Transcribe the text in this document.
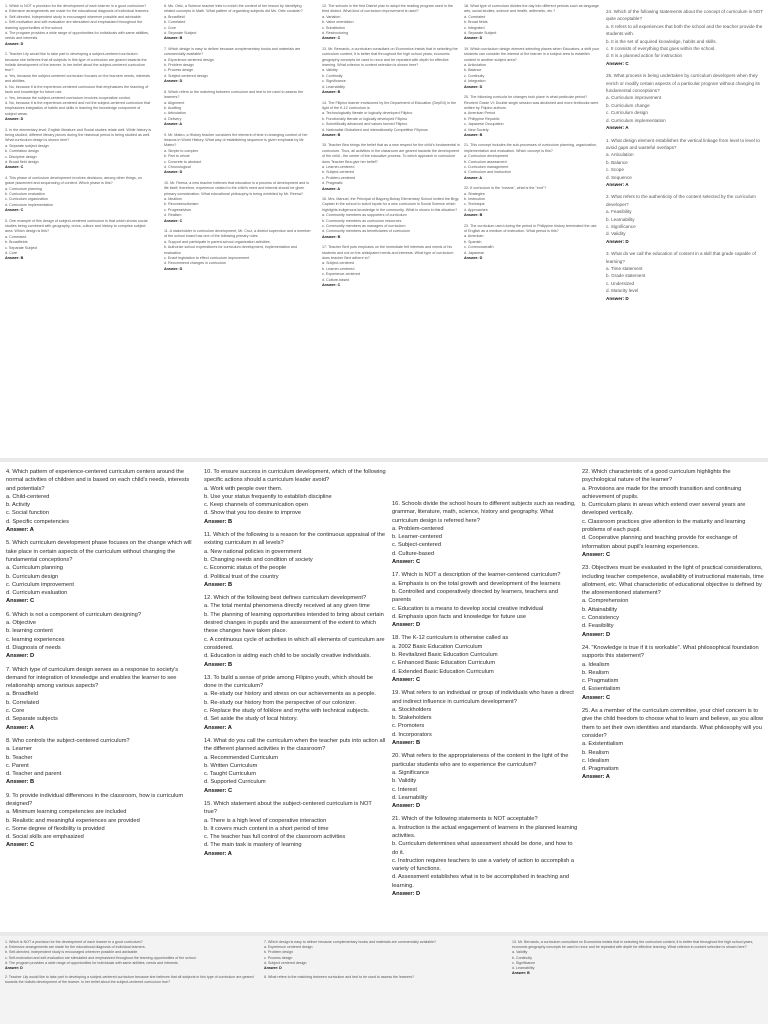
1. Which is NOT a provision for the development of each learner in a good curriculum?
a. Extensive arrangements are made for the educational diagnosis of individual learners.
b. Self-directed, independent study is encouraged wherever possible and advisable.
c. Self-motivation and self-evaluation are stimulated and emphasized throughout the learning opportunities of the school.
d. The program provides a wide range of opportunities for individuals with same abilities, needs and interests.
Answer: D
2. Teacher Lily would like to take part in developing a subject-centered curriculum because she believes that all subjects in this type of curriculum are geared towards the holistic development of the learner. Is her belief about the subject-centered curriculum true?
a. Yes, because the subject-centered curriculum focuses on the learners needs, interests and abilities.
b. No, because it is the experience-centered curriculum that emphasizes the teaching of facts and knowledge for future use.
c. Yes, because the subject-centered curriculum involves cooperative control.
d. No, because it is the experience-centered and not the subject-centered curriculum that emphasizes integration of habits and skills in learning the knowledge component of subject areas.
Answer: D
3. In the elementary level, English literature and Social studies relate well. While history is being studied, different literary pieces during the historical period is being studied as well. What curriculum design is shown here?
a. Separate subject design
b. Correlation design
c. Discipline design
d. Broad field design
Answer: C
4. This phase of curriculum development involves decisions, among other things, on grade placement and sequencing of content. Which phase is this?
a. Curriculum planning
b. Curriculum evaluation
c. Curriculum organization
d. Curriculum implementation
Answer: C
5. One example of this design of subject-centered curriculum is that which shows social studies being combined with geography, civics, culture and history to comprise subject area. Which design is this?
a. Correlated
b. Broadfields
c. Separate Subject
d. Core
Answer: B
6. Ms. Ortiz, a Science teacher tries to enrich the content of her lesson by identifying related concepts in Math. What pattern of organizing subjects did Ms. Ortiz consider?
a. Broadfield
b. Correlated
c. Core
d. Separate Subject
Answer: B
7. Which design is easy to deliver because complementary books and materials are commercially available?
a. Experience centered design
b. Problem design
c. Process design
d. Subject centered design
Answer: D
8. Which refers to the matching between curriculum and test to be used to assess the learners?
a. Alignment
b. Auditing
c. Articulation
d. Delivery
Answer: A
9. Mr. Mateo, a History teacher considers the element of time in arranging content of her lessons in World History. What way of establishing sequence is given emphasis by Mr. Mateo?
a. Simple to complex
b. Part to whole
c. Concrete to abstract
d. Chronological
Answer: D
10. Mr. Reena, a new teacher believes that education is a process of development and is life itself; therefore, experience related to the child's need and interest should be given primary consideration. What educational philosophy is being exhibited by Mr. Reena?
a. Idealism
b. Reconstructionism
c. Progressivism
d. Realism
Answer: C
11. A stakeholder in curriculum development, Mr. Cruz, a district supervisor and a member of the school board has one of the following primary roles.
a. Support and participate in parent-school organization activities
b. Authorize school expenditures for curriculum development, implementation and evaluation
c. Enact legislation to effect curriculum improvement
d. Recommend changes in curriculum
Answer: D
12. The schools in the first District plan to adopt the reading program used in the third district. What kind of curriculum improvement is used?
a. Variation
b. Value orientation
c. Substitution
d. Restructuring
Answer: C
13. Mr. Bernardo, a curriculum consultant on Economics insists that in selecting the curriculum content, it is better that throughout the high school years, economic geography concepts be used to recur and be repeated with depth for effective learning. What criterion in content selection is shown here?
a. Validity
b. Continuity
c. Significance
d. Learnability
Answer: B
14. The Filipino learner envisioned by the Department of Education (DepEd) in the light of the K-12 curriculum is
a. Technologically literate or logically developed Filipino
b. Functionally literate or logically developed Filipino
c. Scientifically advanced and values formed Filipino
d. Nationalist Globalized and internationally Competitive Filipinos
Answer: B
15. Teacher Bea brings the belief that as a new respect for the child's fundamental in curriculum. Thus, all activities in the classroom are geared towards the development of the child - the center of the educative process. To which approach in curriculum does Teacher Bea give her belief?
a. Learner-centered
b. Subject-centered
c. Problem-centered
d. Pragmatic
Answer: A
16. Mrs. Manuel, the Principal of Bagong Buhay Elementary School invited the Brgy. Captain in the school to solicit inputs for a new curriculum in Social Science which highlights indigenous knowledge in the community. What is shown in this situation?
a. Community members as supporters of curriculum
b. Community members as curriculum resources
c. Community members as managers of curriculum
d. Community members as beneficiaries of curriculum
Answer: B
17. Teacher Bert puts emphasis on the immediate felt interests and needs of his students and not on the anticipated needs and interests. What type of curriculum does teacher Bert adhere to?
a. Subject-centered
b. Learner-centered
c. Experience-centered
d. Culture-based
Answer: C
18. What type of curriculum divides the day into different periods such as language arts, social studies, science and health, arithmetic, etc.?
a. Correlated
b. Broad fields
c. Integrated
d. Separate Subject
Answer: D
19. Which curriculum design element selecting places when Educators, a shift your students can consider the interest of the learner in a subject area to establish content in another subject area?
a. Articulation
b. Balance
c. Continuity
d. Integration
Answer: D
20. The following curricula for changes took place in what particular period? Reorient Grade VI: Double single session was abolished and more textbooks were written by Filipino authors.
a. American Period
b. Philippine Republic
c. Japanese Occupation
d. New Society
Answer: B
21. This concept includes the sub-processes of curriculum planning, organization, implementation and evaluation. Which concept is this?
a. Curriculum development
b. Curriculum assessment
c. Curriculum management
d. Curriculum and instruction
Answer: A
22. If curriculum is the "means", what is the "end"?
a. Strategies
b. Instruction
c. Technique
d. Approaches
Answer: B
23. The curriculum used during the period in Philippine history terminated the use of English as a medium of instruction. What period is this?
a. American
b. Spanish
c. Commonwealth
d. Japanese
Answer: D
24. Which of the following statements about the concept of curriculum is NOT quite acceptable?
a. It refers to all experiences that both the school and the teacher provide the students with.
b. It is the set of acquired knowledge, habits and skills.
c. It consists of everything that goes within the school.
d. It is a planned action for instruction
Answer: C
25. What process is being undertaken by curriculum developers when they enrich or modify certain aspects of a particular program without changing its fundamental conceptions?
a. Curriculum improvement
b. Curriculum change
c. Curriculum design
d. Curriculum implementation
Answer: A
1. What design element establishes the vertical linkage from level to level to avoid gaps and wasteful overlaps?
a. Articulation
b. Balance
c. Scope
d. Sequence
Answer: A
2. What refers to the authenticity of the content selected by the curriculum developer?
a. Feasibility
b. Learnability
c. Significance
d. Validity
Answer: D
3. What do we call the education of content in a skill that grade capable of learning?
a. Time statement
b. Grade statement
c. Undersized
d. Maturity level
Answer: D
4. Which pattern of experience-centered curriculum centers around the normal activities of children and is based on each child's needs, interests and potentials?
a. Child-centered
b. Activity
c. Social function
d. Specific competencies
Answer: A
5. Which curriculum development phase focuses on the change which will take place in certain aspects of the curriculum without changing the fundamental conceptions?
a. Curriculum planning
b. Curriculum design
c. Curriculum improvement
d. Curriculum evaluation
Answer: C
6. Which is not a component of curriculum designing?
a. Objective
b. learning content
c. learning experiences
d. Diagnosis of needs
Answer: D
7. Which type of curriculum design serves as a response to society's demand for integration of knowledge and enables the learner to see relationship among various aspects?
a. Broadfield
b. Correlated
c. Core
d. Separate subjects
Answer: A
8. Who controls the subject-centered curriculum?
a. Learner
b. Teacher
c. Parent
d. Teacher and parent
Answer: B
9. To provide individual differences in the classroom, how is curriculum designed?
a. Minimum learning competencies are included
b. Realistic and meaningful experiences are provided
c. Some degree of flexibility is provided
d. Social skills are emphasized
Answer: C
10. To ensure success in curriculum development, which of the following specific actions should a curriculum leader avoid?
a. Work with people over them.
b. Use your status frequently to establish discipline
c. Keep channels of communication open
d. Show that you too desire to improve
Answer: B
11. Which of the following is a reason for the continuous appraisal of the existing curriculum in all levels?
a. New national policies in government
b. Changing needs and condition of society
c. Economic status of the people
d. Political trust of the country
Answer: B
12. Which of the following best defines curriculum development?
a. The total mental phenomena directly received at any given time
b. The planning of learning opportunities intended to bring about certain desired changes in pupils and the assessment of the extent to which these changes have taken place.
c. A continuous cycle of activities in which all elements of curriculum are considered.
d. Education is aiding each child to be socially creative individuals.
Answer: B
13. To build a sense of pride among Filipino youth, which should be done in the curriculum?
a. Re-study our history and stress on our achievements as a people.
b. Re-study our history from the perspective of our colonizer.
c. Replace the study of folklore and myths with technical subjects.
d. Set aside the study of local history.
Answer: A
14. What do you call the curriculum when the teacher puts into action all the different planned activities in the classroom?
a. Recommended Curriculum
b. Written Curriculum
c. Taught Curriculum
d. Supported Curriculum
Answer: C
15. Which statement about the subject-centered curriculum is NOT true?
a. There is a high level of cooperative interaction
b. It covers much content in a short period of time
c. The teacher has full control of the classroom activities
d. The main task is mastery of learning
Answer: A
16. Schools divide the school hours to different subjects such as reading, grammar, literature, math, science, history and geography. What curriculum design is referred here?
a. Problem-centered
b. Learner-centered
c. Subject-centered
d. Culture-based
Answer: C
17. Which is NOT a description of the learner-centered curriculum?
a. Emphasis is on the total growth and development of the learners
b. Controlled and cooperatively directed by learners, teachers and parents
c. Education is a means to develop social creative individual
d. Emphasis upon facts and knowledge for future use
Answer: D
18. The K-12 curriculum is otherwise called as
a. 2002 Basic Education Curriculum
b. Revitalized Basic Education Curriculum
c. Enhanced Basic Education Curriculum
d. Extended Basic Education Curriculum
Answer: C
19. What refers to an individual or group of individuals who have a direct and indirect influence in curriculum development?
a. Stockholders
b. Stakeholders
c. Promoters
d. Incorporators
Answer: B
20. What refers to the appropriateness of the content in the light of the particular students who are to experience the curriculum?
a. Significance
b. Validity
c. Interest
d. Learnability
Answer: D
21. Which of the following statements is NOT acceptable?
a. Instruction is the actual engagement of learners in the planned learning activities.
b. Curriculum determines what assessment should be done, and how to do it.
c. Instruction requires teachers to use a variety of action to accomplish a variety of functions.
d. Assessment establishes what is to be accomplished in teaching and learning.
Answer: D
22. Which characteristic of a good curriculum highlights the psychological nature of the learner?
a. Provisions are made for the smooth transition and continuing achievement of pupils.
b. Curriculum plans in areas which extend over several years are developed vertically.
c. Classroom practices give attention to the maturity and learning problems of each pupil.
d. Cooperative planning and teaching provide for exchange of information about pupil's learning experiences.
Answer: C
23. Objectives must be evaluated in the light of practical considerations, including teacher competence, availability of instructional materials, time allotment, etc. What characteristic of educational objective is defined by the aforementioned statement?
a. Comprehension
b. Attainability
c. Consistency
d. Feasibility
Answer: D
24. "Knowledge is true if it is workable". What philosophical foundation supports this statement?
a. Idealism
b. Realism
c. Pragmatism
d. Essentialism
Answer: C
25. As a member of the curriculum committee, your chief concern is to give the child freedom to choose what to learn and believe, as you allow them to set their own identities and standards. What philosophy will you consider?
a. Existentialism
b. Realism
c. Idealism
d. Pragmatism
Answer: A
1. Which is NOT a provision for the development of each learner in a good curriculum?
a. Extensive arrangements are made for the educational diagnosis of individual learners.
b. Self-directed, independent study is encouraged wherever possible and advisable.
c. Self-motivation and self-evaluation are stimulated and emphasized throughout the learning opportunities of the school.
d. The program provides a wide range of opportunities for individuals with same abilities, needs and interests.
Answer: D
2. Teacher Lily would like to take part in developing a subject-centered curriculum because she believes that all subjects in this type of curriculum are geared towards the holistic development of the learner. Is her belief about the subject-centered curriculum true?
7. Which design is easy to deliver because complementary books and materials are commercially available?
a. Experience centered design
b. Problem design
c. Process design
d. Subject centered design
Answer: D
8. What refers to the matching between curriculum and test to be used to assess the learners?
13. Mr. Bernardo, a curriculum consultant on Economics insists that in selecting the curriculum content, it is better that throughout the high school years, economic geography concepts be used to recur and be repeated with depth for effective learning. What criterion in content selection is shown here?
a. Validity
b. Continuity
c. Significance
d. Learnability
Answer: B
